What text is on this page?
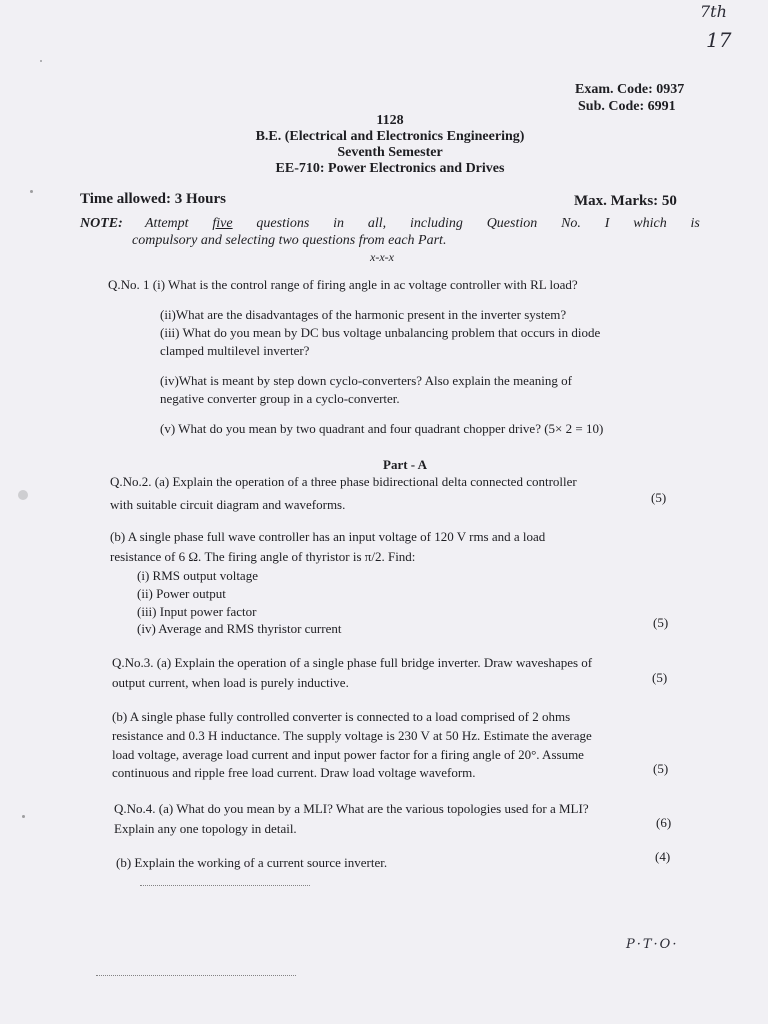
7th
17
Exam. Code: 0937
Sub. Code: 6991
1128
B.E. (Electrical and Electronics Engineering)
Seventh Semester
EE-710: Power Electronics and Drives
Time allowed: 3 Hours	Max. Marks: 50
NOTE: Attempt five questions in all, including Question No. I which is
compulsory and selecting two questions from each Part.
x-x-x
Q.No. 1 (i) What is the control range of firing angle in ac voltage controller with RL load?
(ii)What are the disadvantages of the harmonic present in the inverter system?
(iii) What do you mean by DC bus voltage unbalancing problem that occurs in diode
clamped multilevel inverter?
(iv)What is meant by step down cyclo-converters? Also explain the meaning of
negative converter group in a cyclo-converter.
(v) What do you mean by two quadrant and four quadrant chopper drive? (5× 2 = 10)
Part - A
Q.No.2. (a) Explain the operation of a three phase bidirectional delta connected controller
with suitable circuit diagram and waveforms.	(5)
(b) A single phase full wave controller has an input voltage of 120 V rms and a load
resistance of 6 Ω. The firing angle of thyristor is π/2. Find:
(i) RMS output voltage
(ii) Power output
(iii) Input power factor
(iv) Average and RMS thyristor current	(5)
Q.No.3. (a) Explain the operation of a single phase full bridge inverter. Draw waveshapes of
output current, when load is purely inductive.	(5)
(b) A single phase fully controlled converter is connected to a load comprised of 2 ohms
resistance and 0.3 H inductance. The supply voltage is 230 V at 50 Hz. Estimate the average
load voltage, average load current and input power factor for a firing angle of 20°. Assume
continuous and ripple free load current. Draw load voltage waveform.	(5)
Q.No.4. (a) What do you mean by a MLI? What are the various topologies used for a MLI?
Explain any one topology in detail.	(6)
(b) Explain the working of a current source inverter.	(4)
P·T·O·
